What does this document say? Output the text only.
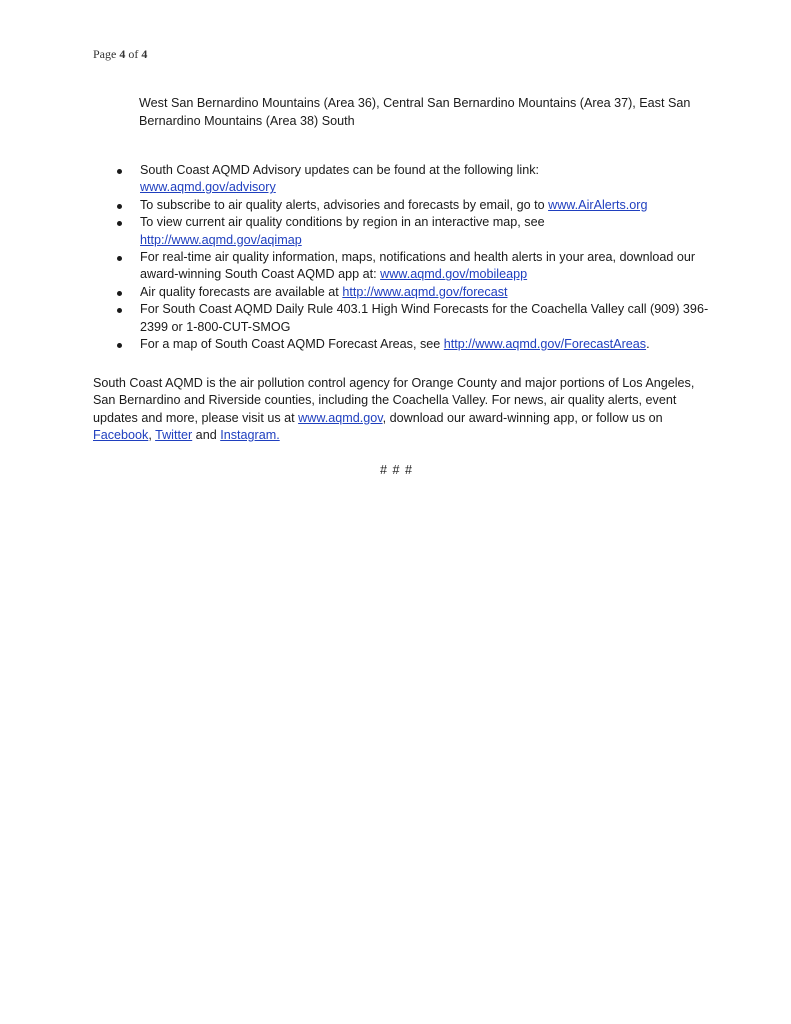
Page 4 of 4
West San Bernardino Mountains (Area 36), Central San Bernardino Mountains (Area 37), East San Bernardino Mountains (Area 38) South
South Coast AQMD Advisory updates can be found at the following link:
www.aqmd.gov/advisory
To subscribe to air quality alerts, advisories and forecasts by email, go to www.AirAlerts.org
To view current air quality conditions by region in an interactive map, see
http://www.aqmd.gov/aqimap
For real-time air quality information, maps, notifications and health alerts in your area, download our award-winning South Coast AQMD app at: www.aqmd.gov/mobileapp
Air quality forecasts are available at http://www.aqmd.gov/forecast
For South Coast AQMD Daily Rule 403.1 High Wind Forecasts for the Coachella Valley call (909) 396-2399 or 1-800-CUT-SMOG
For a map of South Coast AQMD Forecast Areas, see http://www.aqmd.gov/ForecastAreas.
South Coast AQMD is the air pollution control agency for Orange County and major portions of Los Angeles, San Bernardino and Riverside counties, including the Coachella Valley. For news, air quality alerts, event updates and more, please visit us at www.aqmd.gov, download our award-winning app, or follow us on Facebook, Twitter and Instagram.
# # #
